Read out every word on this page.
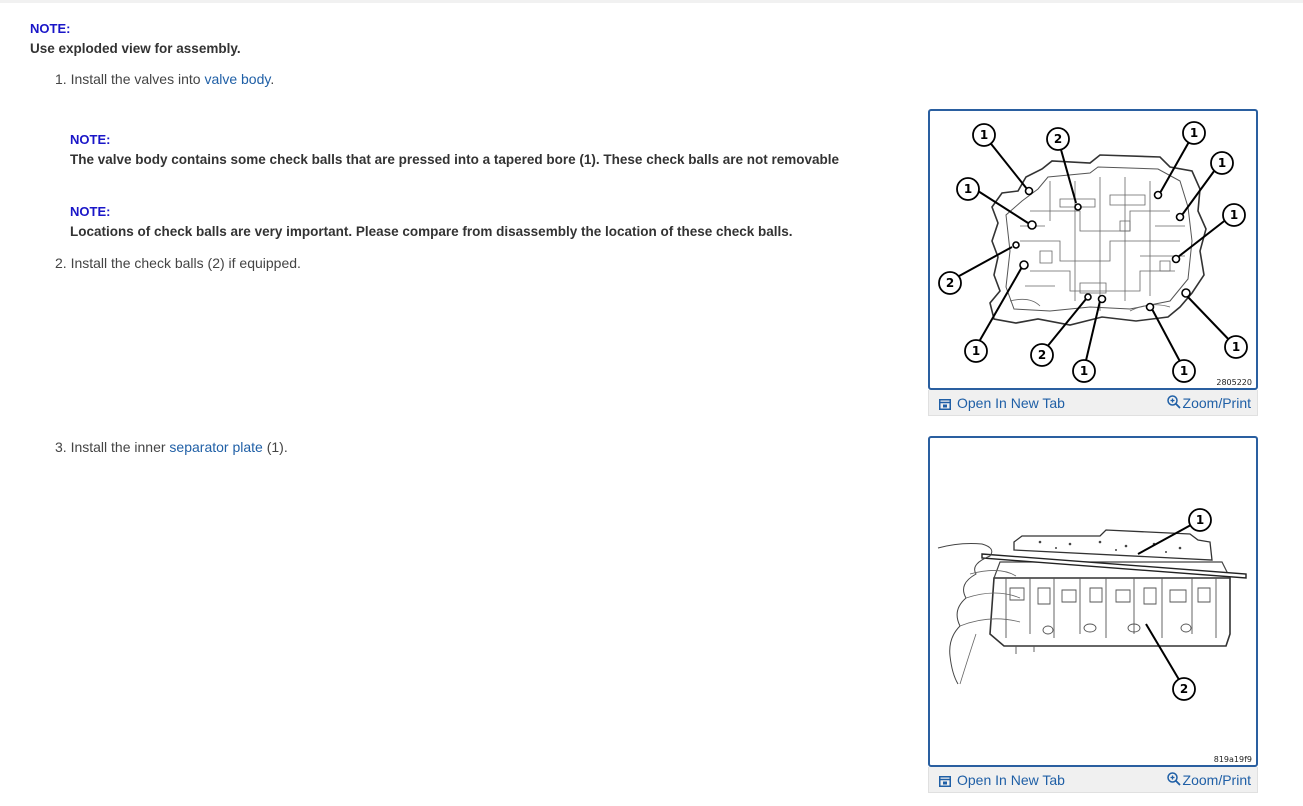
NOTE:
Use exploded view for assembly.
1. Install the valves into valve body.
NOTE:
The valve body contains some check balls that are pressed into a tapered bore (1). These check balls are not removable
NOTE:
Locations of check balls are very important. Please compare from disassembly the location of these check balls.
2. Install the check balls (2) if equipped.
3. Install the inner separator plate (1).
1	2	1
1
1
1
2
1	2
1	1
1
2805220
Open In New Tab	Zoom/Print
1
2
819a19f9
Open In New Tab	Zoom/Print
